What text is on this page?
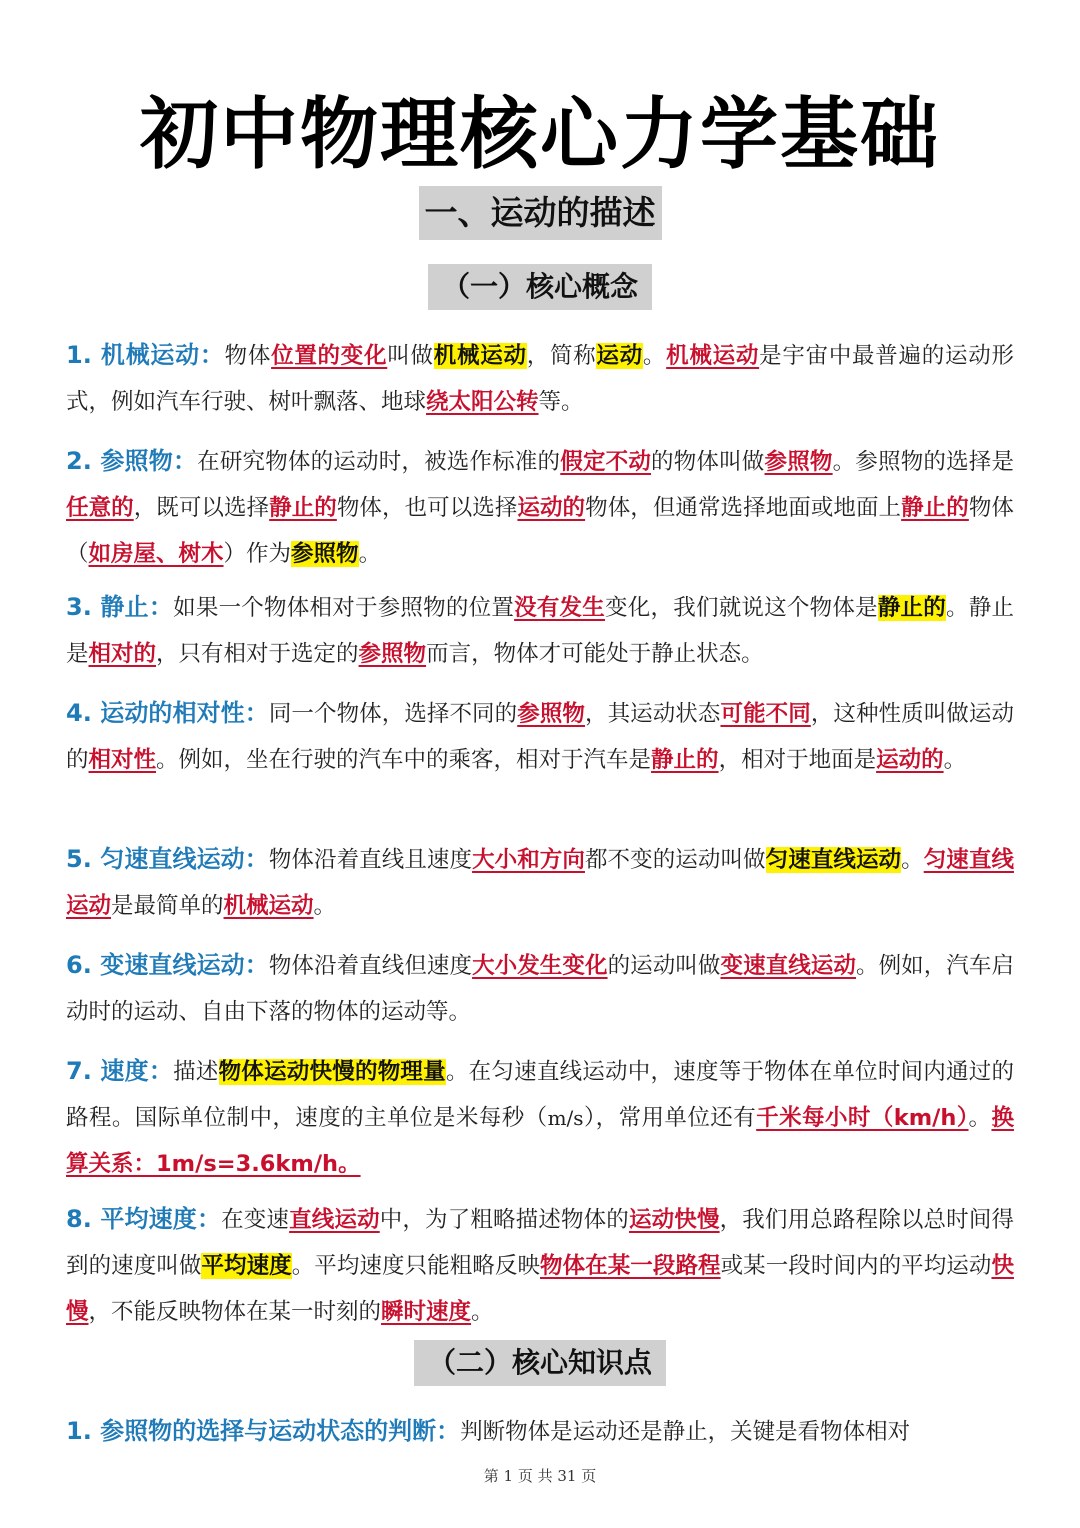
初中物理核心力学基础
一、运动的描述
（一）核心概念

1. 机械运动：物体位置的变化叫做机械运动，简称运动。机械运动是宇宙中最普遍的运动形式，例如汽车行驶、树叶飘落、地球绕太阳公转等。

2. 参照物：在研究物体的运动时，被选作标准的假定不动的物体叫做参照物。参照物的选择是任意的，既可以选择静止的物体，也可以选择运动的物体，但通常选择地面或地面上静止的物体（如房屋、树木）作为参照物。

3. 静止：如果一个物体相对于参照物的位置没有发生变化，我们就说这个物体是静止的。静止是相对的，只有相对于选定的参照物而言，物体才可能处于静止状态。

4. 运动的相对性：同一个物体，选择不同的参照物，其运动状态可能不同，这种性质叫做运动的相对性。例如，坐在行驶的汽车中的乘客，相对于汽车是静止的，相对于地面是运动的。

5. 匀速直线运动：物体沿着直线且速度大小和方向都不变的运动叫做匀速直线运动。匀速直线运动是最简单的机械运动。

6. 变速直线运动：物体沿着直线但速度大小发生变化的运动叫做变速直线运动。例如，汽车启动时的运动、自由下落的物体的运动等。

7. 速度：描述物体运动快慢的物理量。在匀速直线运动中，速度等于物体在单位时间内通过的路程。国际单位制中，速度的主单位是米每秒（m/s），常用单位还有千米每小时（km/h）。换算关系：1m/s=3.6km/h。

8. 平均速度：在变速直线运动中，为了粗略描述物体的运动快慢，我们用总路程除以总时间得到的速度叫做平均速度。平均速度只能粗略反映物体在某一段路程或某一段时间内的平均运动快慢，不能反映物体在某一时刻的瞬时速度。

（二）核心知识点

1. 参照物的选择与运动状态的判断：判断物体是运动还是静止，关键是看物体相对

第 1 页 共 31 页
